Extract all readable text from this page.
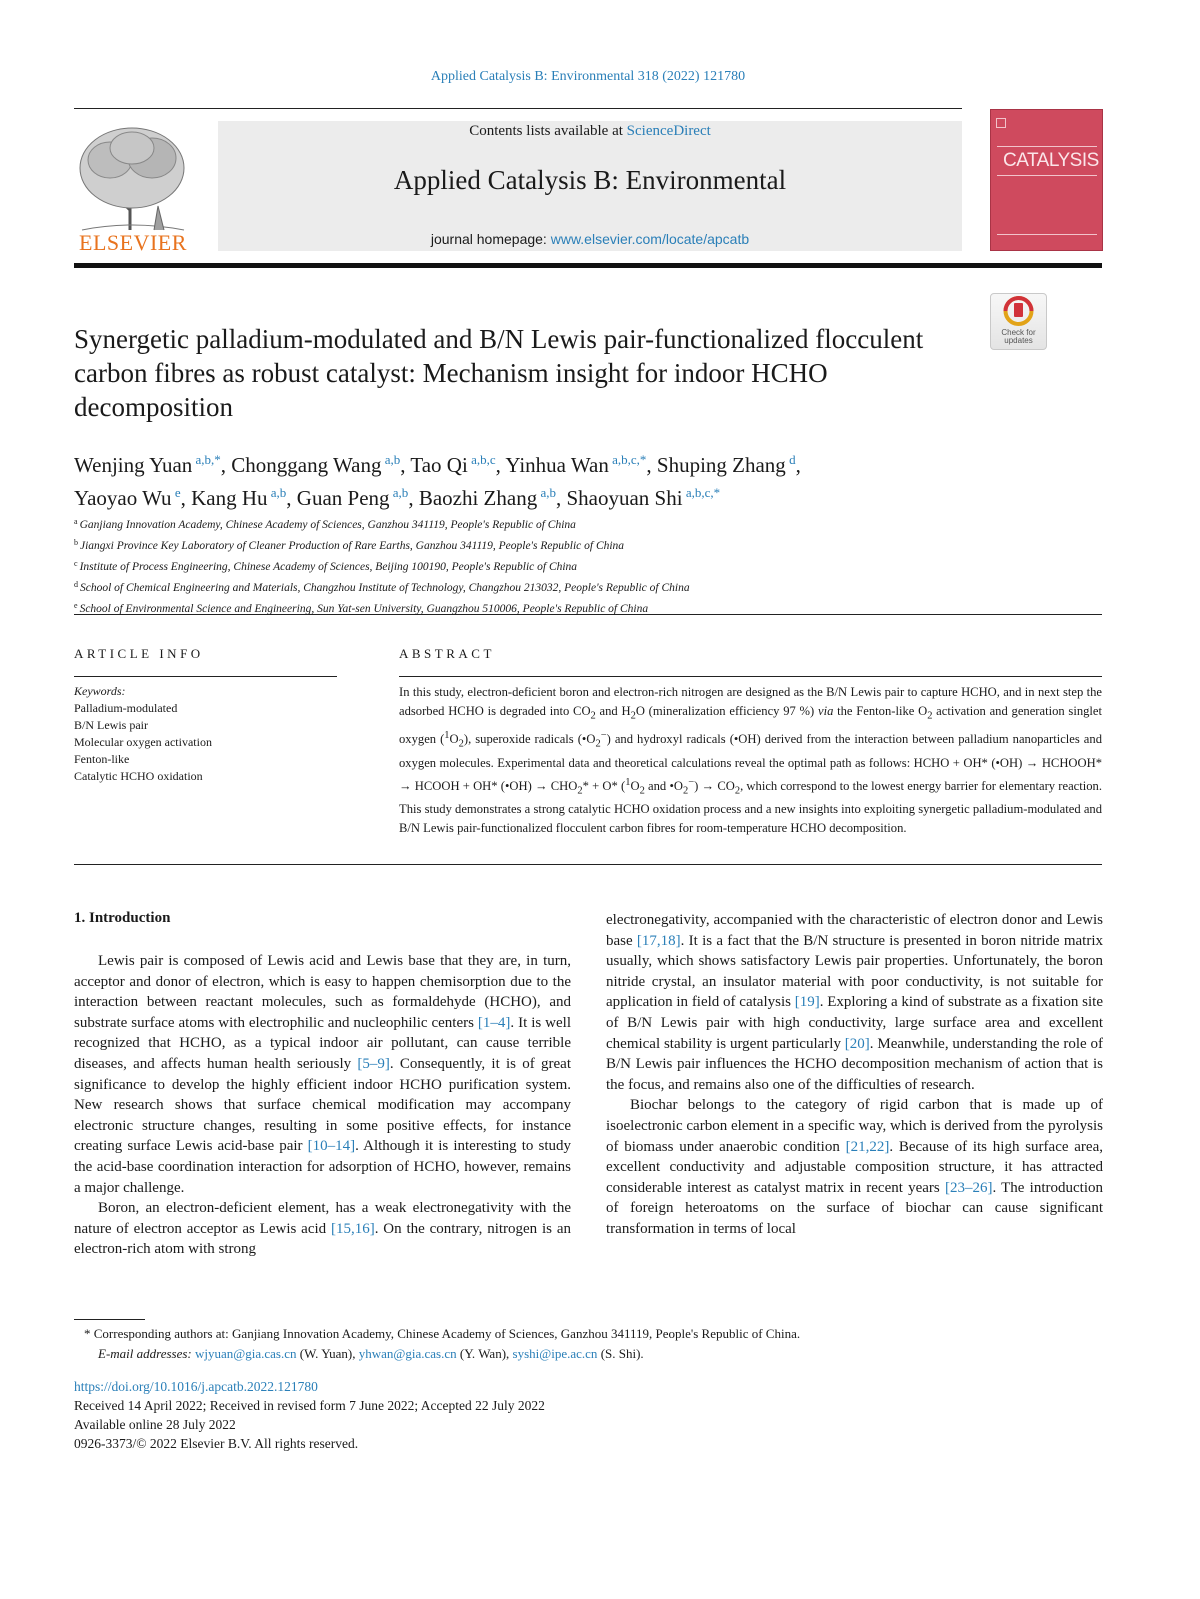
Applied Catalysis B: Environmental 318 (2022) 121780
ELSEVIER
Contents lists available at ScienceDirect
Applied Catalysis B: Environmental
journal homepage: www.elsevier.com/locate/apcatb
CATALYSIS
Check for updates
Synergetic palladium-modulated and B/N Lewis pair-functionalized flocculent carbon fibres as robust catalyst: Mechanism insight for indoor HCHO decomposition
Wenjing Yuan $^{a,b,*}$, Chonggang Wang $^{a,b}$, Tao Qi $^{a,b,c}$, Yinhua Wan $^{a,b,c,*}$, Shuping Zhang $^d$,
Yaoyao Wu $^e$, Kang Hu $^{a,b}$, Guan Peng $^{a,b}$, Baozhi Zhang $^{a,b}$, Shaoyuan Shi $^{a,b,c,*}$
$^a$ Ganjiang Innovation Academy, Chinese Academy of Sciences, Ganzhou 341119, People's Republic of China
$^b$ Jiangxi Province Key Laboratory of Cleaner Production of Rare Earths, Ganzhou 341119, People's Republic of China
$^c$ Institute of Process Engineering, Chinese Academy of Sciences, Beijing 100190, People's Republic of China
$^d$ School of Chemical Engineering and Materials, Changzhou Institute of Technology, Changzhou 213032, People's Republic of China
$^e$ School of Environmental Science and Engineering, Sun Yat-sen University, Guangzhou 510006, People's Republic of China
ARTICLE INFO	ABSTRACT
Keywords:
Palladium-modulated
B/N Lewis pair
Molecular oxygen activation
Fenton-like
Catalytic HCHO oxidation
In this study, electron-deficient boron and electron-rich nitrogen are designed as the B/N Lewis pair to capture HCHO, and in next step the adsorbed HCHO is degraded into $CO_2$ and $H_2O$ (mineralization efficiency 97 %) via the Fenton-like $O_2$ activation and generation singlet oxygen $(^1O_2)$, superoxide radicals $(•O_2^-)$ and hydroxyl radicals (•OH) derived from the interaction between palladium nanoparticles and oxygen molecules. Experimental data and theoretical calculations reveal the optimal path as follows: HCHO + OH* (•OH) → HCHOOH* → HCOOH + OH* (•OH) → $CHO_2* + O*$ ($^1O_2$ and $•O_2^-) \to CO_2$, which correspond to the lowest energy barrier for elementary reaction. This study demonstrates a strong catalytic HCHO oxidation process and a new insights into exploiting synergetic palladium-modulated and B/N Lewis pair-functionalized flocculent carbon fibres for room-temperature HCHO decomposition.
1. Introduction

Lewis pair is composed of Lewis acid and Lewis base that they are, in turn, acceptor and donor of electron, which is easy to happen chemisorption due to the interaction between reactant molecules, such as formaldehyde (HCHO), and substrate surface atoms with electrophilic and nucleophilic centers [1–4]. It is well recognized that HCHO, as a typical indoor air pollutant, can cause terrible diseases, and affects human health seriously [5–9]. Consequently, it is of great significance to develop the highly efficient indoor HCHO purification system. New research shows that surface chemical modification may accompany electronic structure changes, resulting in some positive effects, for instance creating surface Lewis acid-base pair [10–14]. Although it is interesting to study the acid-base coordination interaction for adsorption of HCHO, however, remains a major challenge.

Boron, an electron-deficient element, has a weak electronegativity with the nature of electron acceptor as Lewis acid [15,16]. On the contrary, nitrogen is an electron-rich atom with strong

electronegativity, accompanied with the characteristic of electron donor and Lewis base [17,18]. It is a fact that the B/N structure is presented in boron nitride matrix usually, which shows satisfactory Lewis pair properties. Unfortunately, the boron nitride crystal, an insulator material with poor conductivity, is not suitable for application in field of catalysis [19]. Exploring a kind of substrate as a fixation site of B/N Lewis pair with high conductivity, large surface area and excellent chemical stability is urgent particularly [20]. Meanwhile, understanding the role of B/N Lewis pair influences the HCHO decomposition mechanism of action that is the focus, and remains also one of the difficulties of research.

Biochar belongs to the category of rigid carbon that is made up of isoelectronic carbon element in a specific way, which is derived from the pyrolysis of biomass under anaerobic condition [21,22]. Because of its high surface area, excellent conductivity and adjustable composition structure, it has attracted considerable interest as catalyst matrix in recent years [23–26]. The introduction of foreign heteroatoms on the surface of biochar can cause significant transformation in terms of local

* Corresponding authors at: Ganjiang Innovation Academy, Chinese Academy of Sciences, Ganzhou 341119, People's Republic of China.
E-mail addresses: wjyuan@gia.cas.cn (W. Yuan), yhwan@gia.cas.cn (Y. Wan), syshi@ipe.ac.cn (S. Shi).
https://doi.org/10.1016/j.apcatb.2022.121780
Received 14 April 2022; Received in revised form 7 June 2022; Accepted 22 July 2022
Available online 28 July 2022
0926-3373/© 2022 Elsevier B.V. All rights reserved.
